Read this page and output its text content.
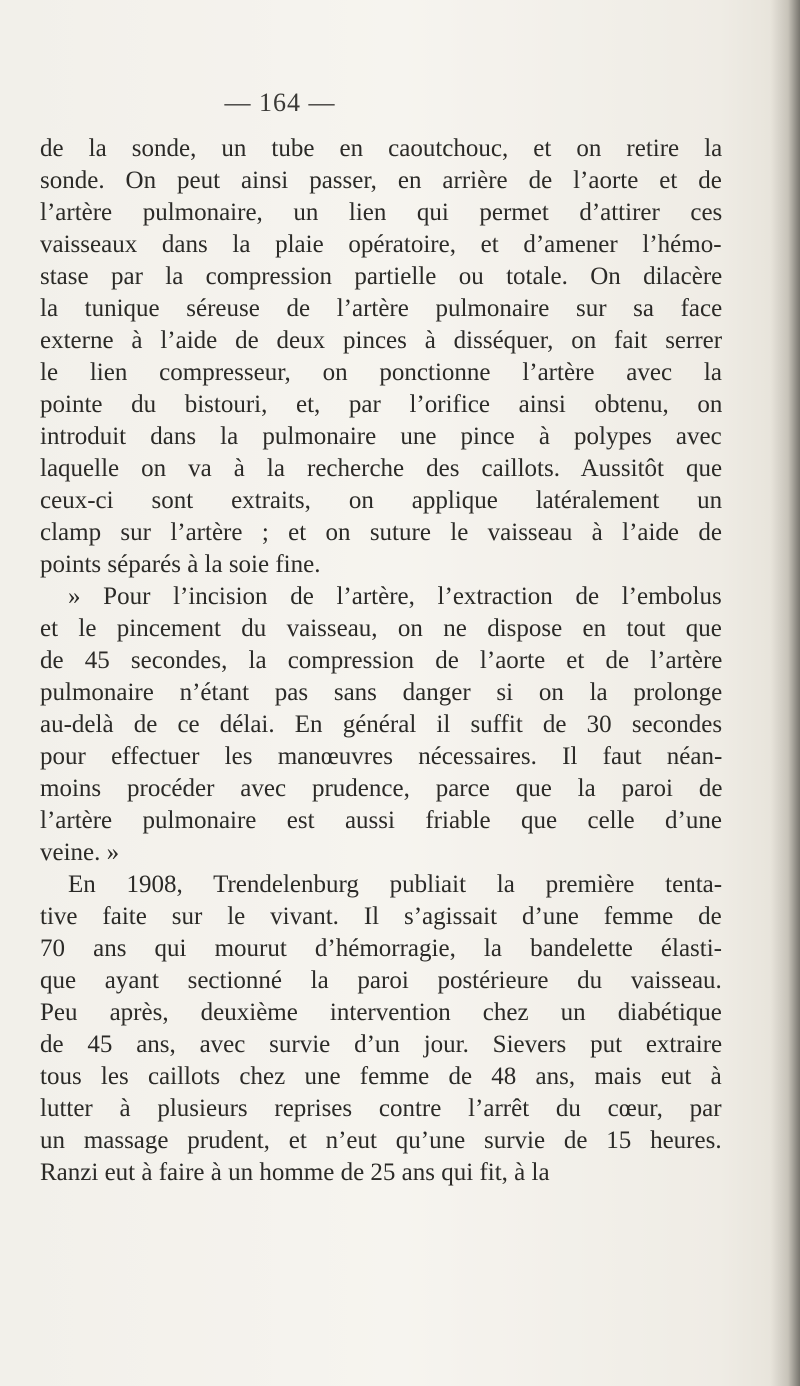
— 164 —
de la sonde, un tube en caoutchouc, et on retire la
sonde. On peut ainsi passer, en arrière de l’aorte et de
l’artère pulmonaire, un lien qui permet d’attirer ces
vaisseaux dans la plaie opératoire, et d’amener l’hémo-
stase par la compression partielle ou totale. On dilacère
la tunique séreuse de l’artère pulmonaire sur sa face
externe à l’aide de deux pinces à disséquer, on fait serrer
le lien compresseur, on ponctionne l’artère avec la
pointe du bistouri, et, par l’orifice ainsi obtenu, on
introduit dans la pulmonaire une pince à polypes avec
laquelle on va à la recherche des caillots. Aussitôt que
ceux-ci sont extraits, on applique latéralement un
clamp sur l’artère ; et on suture le vaisseau à l’aide de
points séparés à la soie fine.
» Pour l’incision de l’artère, l’extraction de l’embolus
et le pincement du vaisseau, on ne dispose en tout que
de 45 secondes, la compression de l’aorte et de l’artère
pulmonaire n’étant pas sans danger si on la prolonge
au-delà de ce délai. En général il suffit de 30 secondes
pour effectuer les manœuvres nécessaires. Il faut néan-
moins procéder avec prudence, parce que la paroi de
l’artère pulmonaire est aussi friable que celle d’une
veine. »
En 1908, Trendelenburg publiait la première tenta-
tive faite sur le vivant. Il s’agissait d’une femme de
70 ans qui mourut d’hémorragie, la bandelette élasti-
que ayant sectionné la paroi postérieure du vaisseau.
Peu après, deuxième intervention chez un diabétique
de 45 ans, avec survie d’un jour. Sievers put extraire
tous les caillots chez une femme de 48 ans, mais eut à
lutter à plusieurs reprises contre l’arrêt du cœur, par
un massage prudent, et n’eut qu’une survie de 15 heures.
Ranzi eut à faire à un homme de 25 ans qui fit, à la
